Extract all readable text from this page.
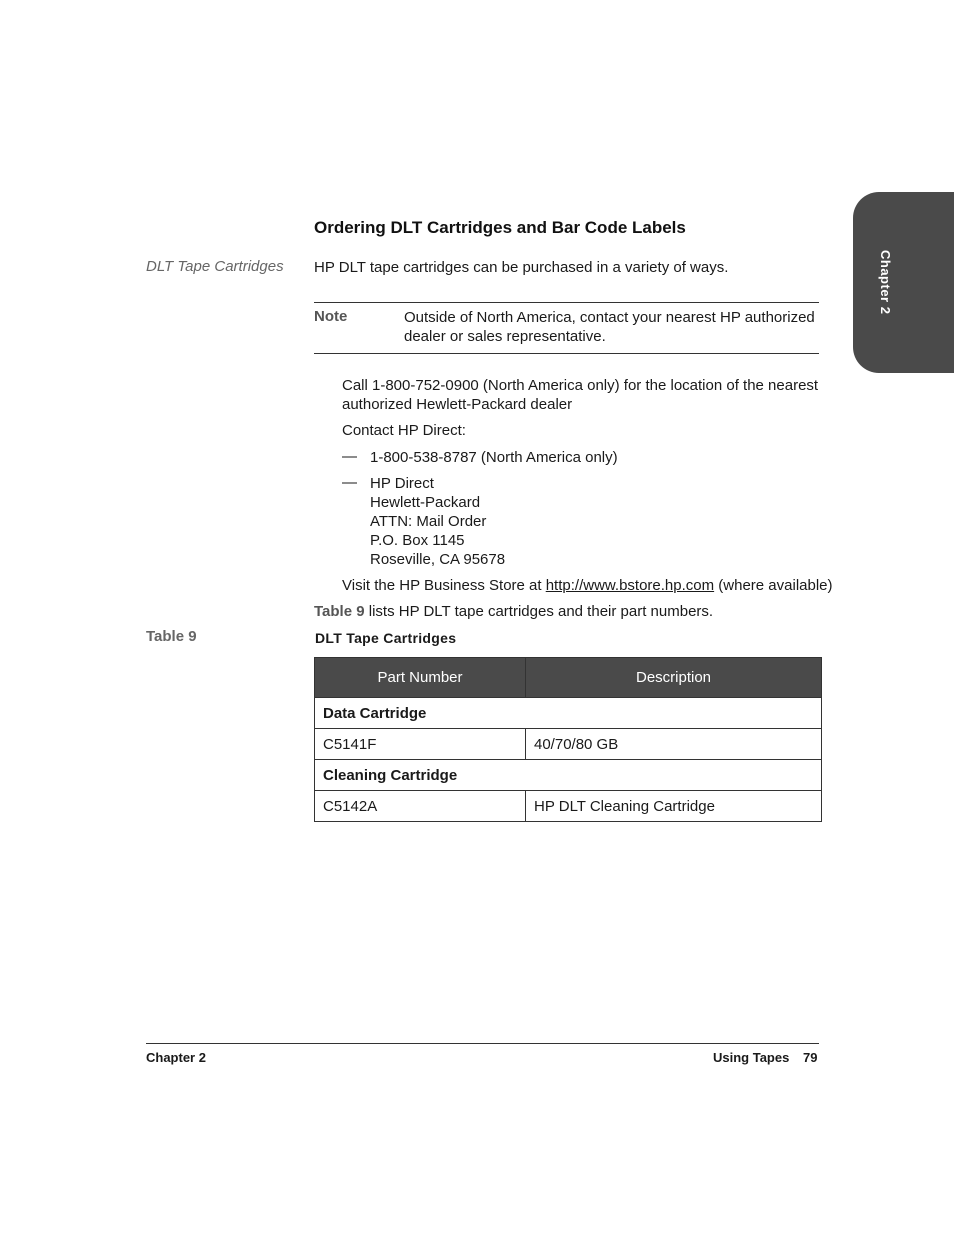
Chapter 2
Ordering DLT Cartridges and Bar Code Labels
DLT Tape Cartridges HP DLT tape cartridges can be purchased in a variety of ways.
Note	Outside of North America, contact your nearest HP authorized dealer or sales representative.
Call 1-800-752-0900 (North America only) for the location of the nearest
authorized Hewlett-Packard dealer
Contact HP Direct:
— 1-800-538-8787 (North America only)
— HP Direct
Hewlett-Packard
ATTN: Mail Order
P.O. Box 1145
Roseville, CA 95678
Visit the HP Business Store at http://www.bstore.hp.com (where available)
Table 9 lists HP DLT tape cartridges and their part numbers.
Table 9	DLT Tape Cartridges
Part Number	Description
Data Cartridge	
C5141F	40/70/80 GB
Cleaning Cartridge	
C5142A	HP DLT Cleaning Cartridge
Chapter 2	Using Tapes 79
